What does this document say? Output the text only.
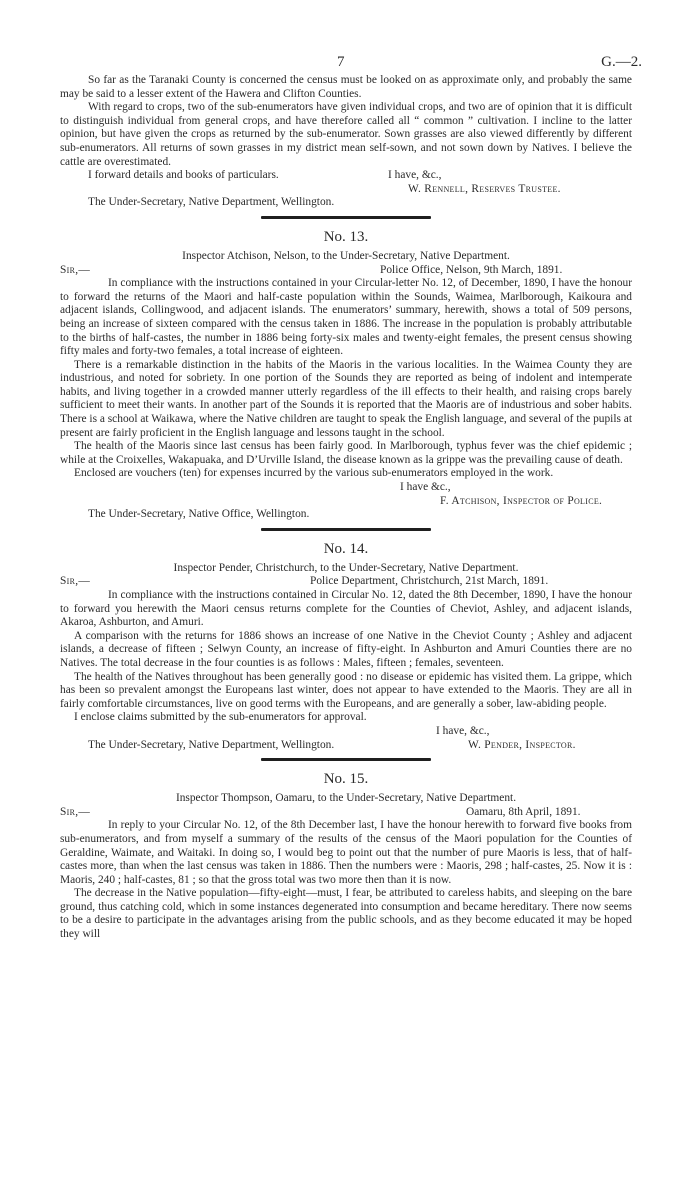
7	G.—2.

So far as the Taranaki County is concerned the census must be looked on as approximate only, and probably the same may be said to a lesser extent of the Hawera and Clifton Counties.

With regard to crops, two of the sub-enumerators have given individual crops, and two are of opinion that it is difficult to distinguish individual from general crops, and have therefore called all “ common ” cultivation. I incline to the latter opinion, but have given the crops as returned by the sub-enumerator. Sown grasses are also viewed differently by different sub-enumerators. All returns of sown grasses in my district mean self-sown, and not sown down by Natives. I believe the cattle are overestimated.

I forward details and books of particulars.	I have, &c.,
W. Rennell, Reserves Trustee.
The Under-Secretary, Native Department, Wellington.
No. 13.
Inspector Atchison, Nelson, to the Under-Secretary, Native Department.
Sir,—	Police Office, Nelson, 9th March, 1891.

In compliance with the instructions contained in your Circular-letter No. 12, of December, 1890, I have the honour to forward the returns of the Maori and half-caste population within the Sounds, Waimea, Marlborough, Kaikoura and adjacent islands, Collingwood, and adjacent islands. The enumerators’ summary, herewith, shows a total of 509 persons, being an increase of sixteen compared with the census taken in 1886. The increase in the population is probably attributable to the births of half-castes, the number in 1886 being forty-six males and twenty-eight females, the present census showing fifty males and forty-two females, a total increase of eighteen.

There is a remarkable distinction in the habits of the Maoris in the various localities. In the Waimea County they are industrious, and noted for sobriety. In one portion of the Sounds they are reported as being of indolent and intemperate habits, and living together in a crowded manner utterly regardless of the ill effects to their health, and raising crops barely sufficient to meet their wants. In another part of the Sounds it is reported that the Maoris are of industrious and sober habits. There is a school at Waikawa, where the Native children are taught to speak the English language, and several of the pupils at present are fairly proficient in the English language and lessons taught in the school.

The health of the Maoris since last census has been fairly good. In Marlborough, typhus fever was the chief epidemic ; while at the Croixelles, Wakapuaka, and D’Urville Island, the disease known as la grippe was the prevailing cause of death.

Enclosed are vouchers (ten) for expenses incurred by the various sub-enumerators employed in the work.

I have &c.,
F. Atchison, Inspector of Police.
The Under-Secretary, Native Office, Wellington.
No. 14.
Inspector Pender, Christchurch, to the Under-Secretary, Native Department.
Sir,—	Police Department, Christchurch, 21st March, 1891.

In compliance with the instructions contained in Circular No. 12, dated the 8th December, 1890, I have the honour to forward you herewith the Maori census returns complete for the Counties of Cheviot, Ashley, and adjacent islands, Akaroa, Ashburton, and Amuri.

A comparison with the returns for 1886 shows an increase of one Native in the Cheviot County ; Ashley and adjacent islands, a decrease of fifteen ; Selwyn County, an increase of fifty-eight. In Ashburton and Amuri Counties there are no Natives. The total decrease in the four counties is as follows : Males, fifteen ; females, seventeen.

The health of the Natives throughout has been generally good : no disease or epidemic has visited them. La grippe, which has been so prevalent amongst the Europeans last winter, does not appear to have extended to the Maoris. They are all in fairly comfortable circumstances, live on good terms with the Europeans, and are generally a sober, law-abiding people.

I enclose claims submitted by the sub-enumerators for approval.

I have, &c.,
The Under-Secretary, Native Department, Wellington.	W. Pender, Inspector.
No. 15.
Inspector Thompson, Oamaru, to the Under-Secretary, Native Department.
Sir,—	Oamaru, 8th April, 1891.

In reply to your Circular No. 12, of the 8th December last, I have the honour herewith to forward five books from sub-enumerators, and from myself a summary of the results of the census of the Maori population for the Counties of Geraldine, Waimate, and Waitaki. In doing so, I would beg to point out that the number of pure Maoris is less, that of half-castes more, than when the last census was taken in 1886. Then the numbers were : Maoris, 298 ; half-castes, 25. Now it is : Maoris, 240 ; half-castes, 81 ; so that the gross total was two more then than it is now.

The decrease in the Native population—fifty-eight—must, I fear, be attributed to careless habits, and sleeping on the bare ground, thus catching cold, which in some instances degenerated into consumption and became hereditary. There now seems to be a desire to participate in the advantages arising from the public schools, and as they become educated it may be hoped they will
